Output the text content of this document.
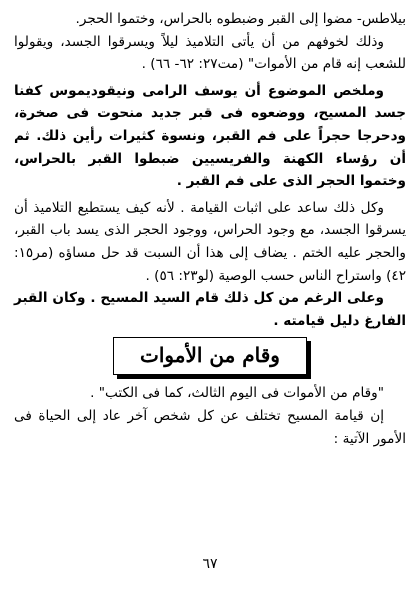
بيلاطس- مضوا إلى القبر وضبطوه بالحراس، وختموا الحجر.

وذلك لخوفهم من أن يأتى التلاميذ ليلاً ويسرقوا الجسد، ويقولوا للشعب إنه قام من الأموات" (مت٢٧: ٦٢- ٦٦) .

وملخص الموضوع أن يوسف الرامى ونيقوديموس كفنا جسد المسيح، ووضعوه فى قبر جديد منحوت فى صخرة، ودحرجا حجراً على فم القبر، ونسوة كثيرات رأين ذلك. ثم أن رؤساء الكهنة والفريسيين ضبطوا القبر بالحراس، وختموا الحجر الذى على فم القبر .

وكل ذلك ساعد على اثبات القيامة . لأنه كيف يستطيع التلاميذ أن يسرقوا الجسد، مع وجود الحراس، ووجود الحجر الذى يسد باب القبر، والحجر عليه الختم . يضاف إلى هذا أن السبت قد حل مساؤه (مر١٥: ٤٢) واستراح الناس حسب الوصية (لو٢٣: ٥٦) .

وعلى الرغم من كل ذلك قام السيد المسيح . وكان القبر الفارغ دليل قيامته .

وقام من الأموات

"وقام من الأموات فى اليوم الثالث، كما فى الكتب" .

إن قيامة المسيح تختلف عن كل شخص آخر عاد إلى الحياة فى الأمور الآتية :

٦٧
